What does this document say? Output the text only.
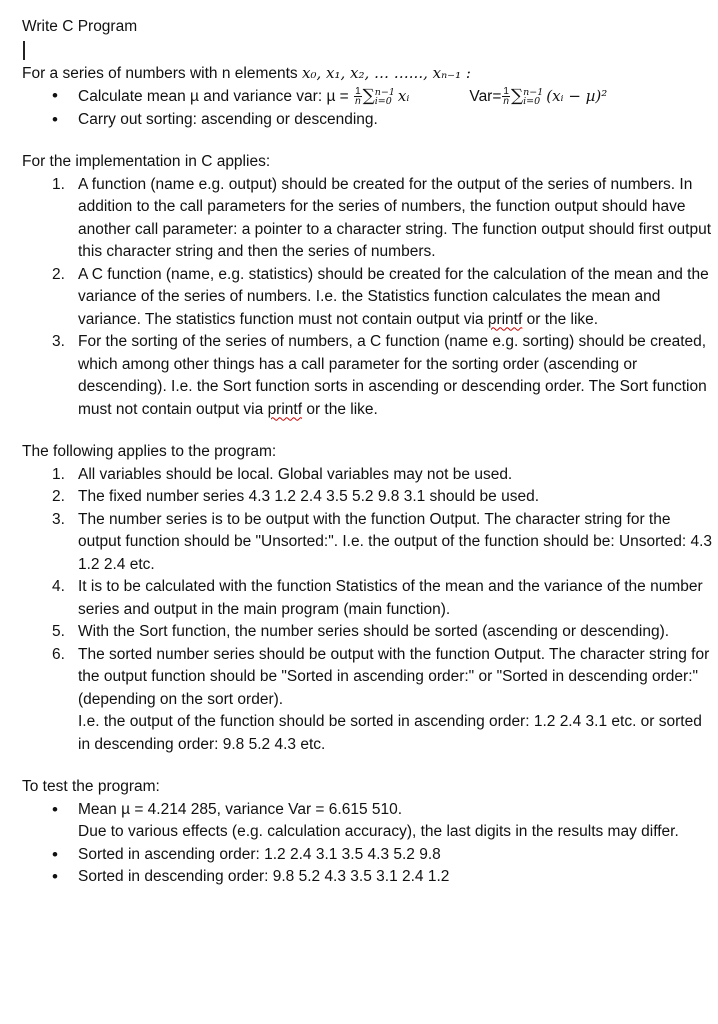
Write C Program

For a series of numbers with n elements x₀, x₁, x₂, … …..., xₙ₋₁ :
• Calculate mean µ and variance var: $\mu = \frac{1}{n}$ ∑ n−1
i=0 xᵢ	$Var= \frac{1}{n}$ ∑ n−1
i=0 (xᵢ − µ)²
• Carry out sorting: ascending or descending.
For the implementation in C applies:
1. A function (name e.g. output) should be created for the output of the series of numbers. In addition to the call parameters for the series of numbers, the function output should have another call parameter: a pointer to a character string. The function output should first output this character string and then the series of numbers.
2. A C function (name, e.g. statistics) should be created for the calculation of the mean and the variance of the series of numbers. I.e. the Statistics function calculates the mean and variance. The statistics function must not contain output via printf or the like.
3. For the sorting of the series of numbers, a C function (name e.g. sorting) should be created, which among other things has a call parameter for the sorting order (ascending or descending). I.e. the Sort function sorts in ascending or descending order. The Sort function must not contain output via printf or the like.
The following applies to the program:
1. All variables should be local. Global variables may not be used.
2. The fixed number series 4.3 1.2 2.4 3.5 5.2 9.8 3.1 should be used.
3. The number series is to be output with the function Output. The character string for the output function should be "Unsorted:". I.e. the output of the function should be: Unsorted: 4.3 1.2 2.4 etc.
4. It is to be calculated with the function Statistics of the mean and the variance of the number series and output in the main program (main function).
5. With the Sort function, the number series should be sorted (ascending or descending).
6. The sorted number series should be output with the function Output. The character string for the output function should be "Sorted in ascending order:" or "Sorted in descending order:" (depending on the sort order).
I.e. the output of the function should be sorted in ascending order: 1.2 2.4 3.1 etc. or sorted in descending order: 9.8 5.2 4.3 etc.
To test the program:
• Mean µ = 4.214 285, variance Var = 6.615 510.
Due to various effects (e.g. calculation accuracy), the last digits in the results may differ.
• Sorted in ascending order: 1.2 2.4 3.1 3.5 4.3 5.2 9.8
• Sorted in descending order: 9.8 5.2 4.3 3.5 3.1 2.4 1.2
